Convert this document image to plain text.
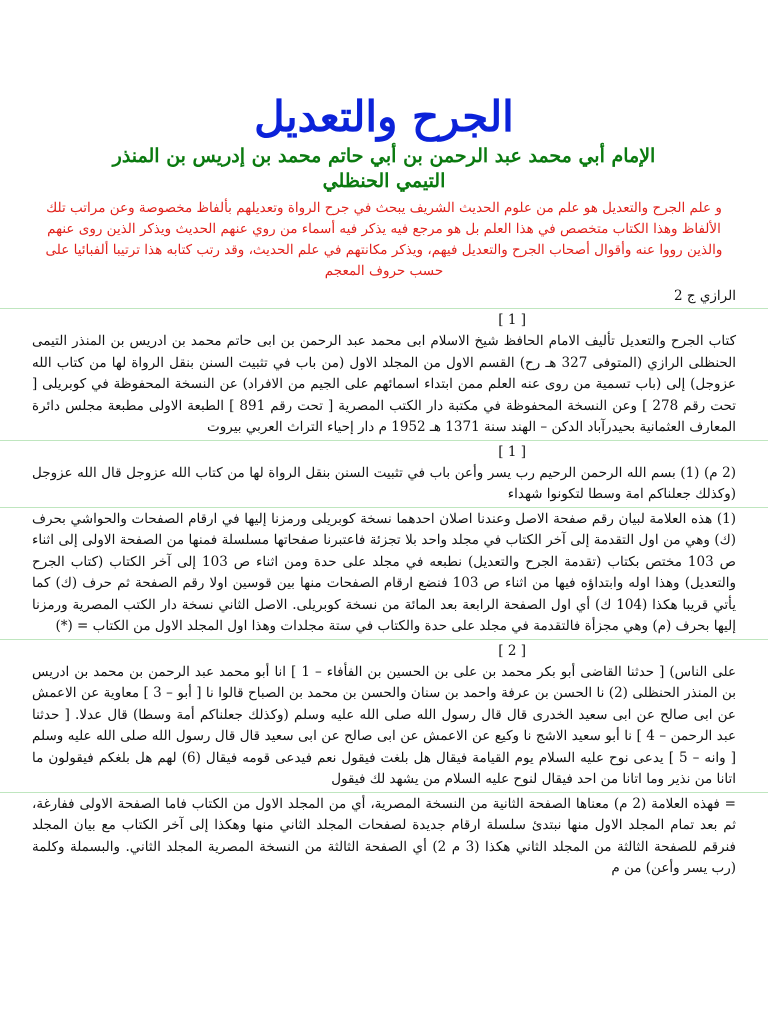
الجرح والتعديل

الإمام أبي محمد عبد الرحمن بن أبي حاتم محمد بن إدريس بن المنذر

التيمي الحنظلي

و علم الجرح والتعديل هو علم من علوم الحديث الشريف يبحث في جرح الرواة وتعديلهم بألفاظ مخصوصة وعن مراتب تلك الألفاظ وهذا الكتاب متخصص في هذا العلم بل هو مرجع فيه يذكر فيه أسماء من روي عنهم الحديث ويذكر الذين روى عنهم والذين رووا عنه وأقوال أصحاب الجرح والتعديل فيهم، ويذكر مكانتهم في علم الحديث، وقد رتب كتابه هذا ترتيبا ألفبائيا على حسب حروف المعجم

الرازي ج 2

[ 1 ]

كتاب الجرح والتعديل تأليف الامام الحافظ شيخ الاسلام ابى محمد عبد الرحمن بن ابى حاتم محمد بن ادريس بن المنذر التيمى الحنظلى الرازي (المتوفى 327 هـ رح) القسم الاول من المجلد الاول (من باب في تثبيت السنن بنقل الرواة لها من كتاب الله عزوجل) إلى (باب تسمية من روى عنه العلم ممن ابتداء اسمائهم على الجيم من الافراد) عن النسخة المحفوظة في كوبريلى [ تحت رقم 278 ] وعن النسخة المحفوظة في مكتبة دار الكتب المصرية [ تحت رقم 891 ] الطبعة الاولى مطبعة مجلس دائرة المعارف العثمانية بحيدرآباد الدكن – الهند سنة 1371 هـ 1952 م دار إحياء التراث العربي بيروت

[ 1 ]

(2 م) (1) بسم الله الرحمن الرحيم رب يسر وأعن باب في تثبيت السنن بنقل الرواة لها من كتاب الله عزوجل قال الله عزوجل (وكذلك جعلناكم امة وسطا لتكونوا شهداء

(1) هذه العلامة لبيان رقم صفحة الاصل وعندنا اصلان احدهما نسخة كوبريلى ورمزنا إليها في ارقام الصفحات والحواشي بحرف (ك) وهي من اول التقدمة إلى آخر الكتاب في مجلد واحد بلا تجزئة فاعتبرنا صفحاتها مسلسلة فمنها من الصفحة الاولى إلى اثناء ص 103 مختص بكتاب (تقدمة الجرح والتعديل) نطبعه في مجلد على حدة ومن اثناء ص 103 إلى آخر الكتاب (كتاب الجرح والتعديل) وهذا اوله وابتداؤه فيها من اثناء ص 103 فنضع ارقام الصفحات منها بين قوسين اولا رقم الصفحة ثم حرف (ك) كما يأتي قريبا هكذا (104 ك) أي اول الصفحة الرابعة بعد المائة من نسخة كوبريلى. الاصل الثاني نسخة دار الكتب المصرية ورمزنا إليها بحرف (م) وهي مجزأة فالتقدمة في مجلد على حدة والكتاب في ستة مجلدات وهذا اول المجلد الاول من الكتاب = (*)

[ 2 ]

على الناس) [ حدثنا القاضى أبو بكر محمد بن على بن الحسين بن الفأفاء – 1 ] انا أبو محمد عبد الرحمن بن محمد بن ادريس بن المنذر الحنظلى (2) نا الحسن بن عرفة واحمد بن سنان والحسن بن محمد بن الصباح قالوا نا [ أبو – 3 ] معاوية عن الاعمش عن ابى صالح عن ابى سعيد الخدرى قال قال رسول الله صلى الله عليه وسلم (وكذلك جعلناكم أمة وسطا) قال عدلا. [ حدثنا عبد الرحمن – 4 ] نا أبو سعيد الاشج نا وكيع عن الاعمش عن ابى صالح عن ابى سعيد قال قال رسول الله صلى الله عليه وسلم [ وانه – 5 ] يدعى نوح عليه السلام يوم القيامة فيقال هل بلغت فيقول نعم فيدعى قومه فيقال (6) لهم هل بلغكم فيقولون ما اتانا من نذير وما اتانا من احد فيقال لنوح عليه السلام من يشهد لك فيقول

= فهذه العلامة (2 م) معناها الصفحة الثانية من النسخة المصرية، أي من المجلد الاول من الكتاب فاما الصفحة الاولى ففارغة، ثم بعد تمام المجلد الاول منها نبتدئ سلسلة ارقام جديدة لصفحات المجلد الثاني منها وهكذا إلى آخر الكتاب مع بيان المجلد فنرقم للصفحة الثالثة من المجلد الثاني هكذا (3 م 2) أي الصفحة الثالثة من النسخة المصرية المجلد الثاني. والبسملة وكلمة (رب يسر وأعن) من م
